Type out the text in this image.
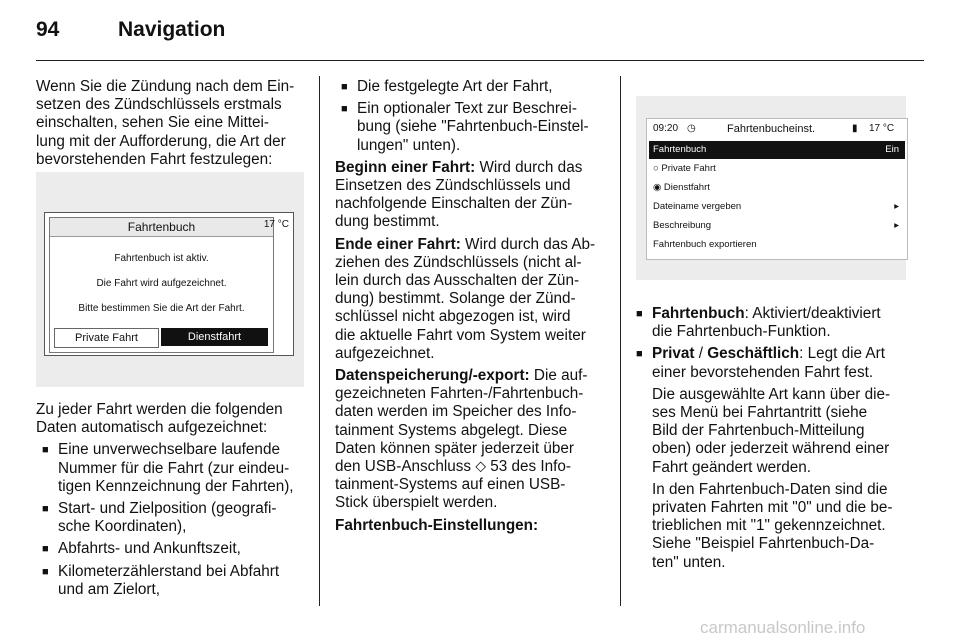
94	Navigation

Wenn Sie die Zündung nach dem Ein-
setzen des Zündschlüssels erstmals
einschalten, sehen Sie eine Mittei-
lung mit der Aufforderung, die Art der
bevorstehenden Fahrt festzulegen:

Fahrtenbuch
Fahrtenbuch ist aktiv.
Die Fahrt wird aufgezeichnet.
Bitte bestimmen Sie die Art der Fahrt.
Private Fahrt	Dienstfahrt
17 °C

Zu jeder Fahrt werden die folgenden
Daten automatisch aufgezeichnet:

■ Eine unverwechselbare laufende
Nummer für die Fahrt (zur eindeu-
tigen Kennzeichnung der Fahrten),
■ Start- und Zielposition (geografi-
sche Koordinaten),
■ Abfahrts- und Ankunftszeit,
■ Kilometerzählerstand bei Abfahrt
und am Zielort,
■ Die festgelegte Art der Fahrt,
■ Ein optionaler Text zur Beschrei-
bung (siehe "Fahrtenbuch-Einstel-
lungen" unten).

Beginn einer Fahrt: Wird durch das
Einsetzen des Zündschlüssels und
nachfolgende Einschalten der Zün-
dung bestimmt.

Ende einer Fahrt: Wird durch das Ab-
ziehen des Zündschlüssels (nicht al-
lein durch das Ausschalten der Zün-
dung) bestimmt. Solange der Zünd-
schlüssel nicht abgezogen ist, wird
die aktuelle Fahrt vom System weiter
aufgezeichnet.

Datenspeicherung/-export: Die auf-
gezeichneten Fahrten-/Fahrtenbuch-
daten werden im Speicher des Info-
tainment Systems abgelegt. Diese
Daten können später jederzeit über
den USB-Anschluss ⬦ 53 des Info-
tainment-Systems auf einen USB-
Stick überspielt werden.

Fahrtenbuch-Einstellungen:

09:20 ◷	Fahrtenbucheinst.	▮ 17 °C
Fahrtenbuch	Ein
○ Private Fahrt
◉ Dienstfahrt
Dateiname vergeben	▸
Beschreibung	▸
Fahrtenbuch exportieren
■ Fahrtenbuch: Aktiviert/deaktiviert
die Fahrtenbuch-Funktion.
■ Privat / Geschäftlich: Legt die Art
einer bevorstehenden Fahrt fest.
Die ausgewählte Art kann über die-
ses Menü bei Fahrtantritt (siehe
Bild der Fahrtenbuch-Mitteilung
oben) oder jederzeit während einer
Fahrt geändert werden.
In den Fahrtenbuch-Daten sind die
privaten Fahrten mit "0" und die be-
trieblichen mit "1" gekennzeichnet.
Siehe "Beispiel Fahrtenbuch-Da-
ten" unten.
carmanualsonline.info
